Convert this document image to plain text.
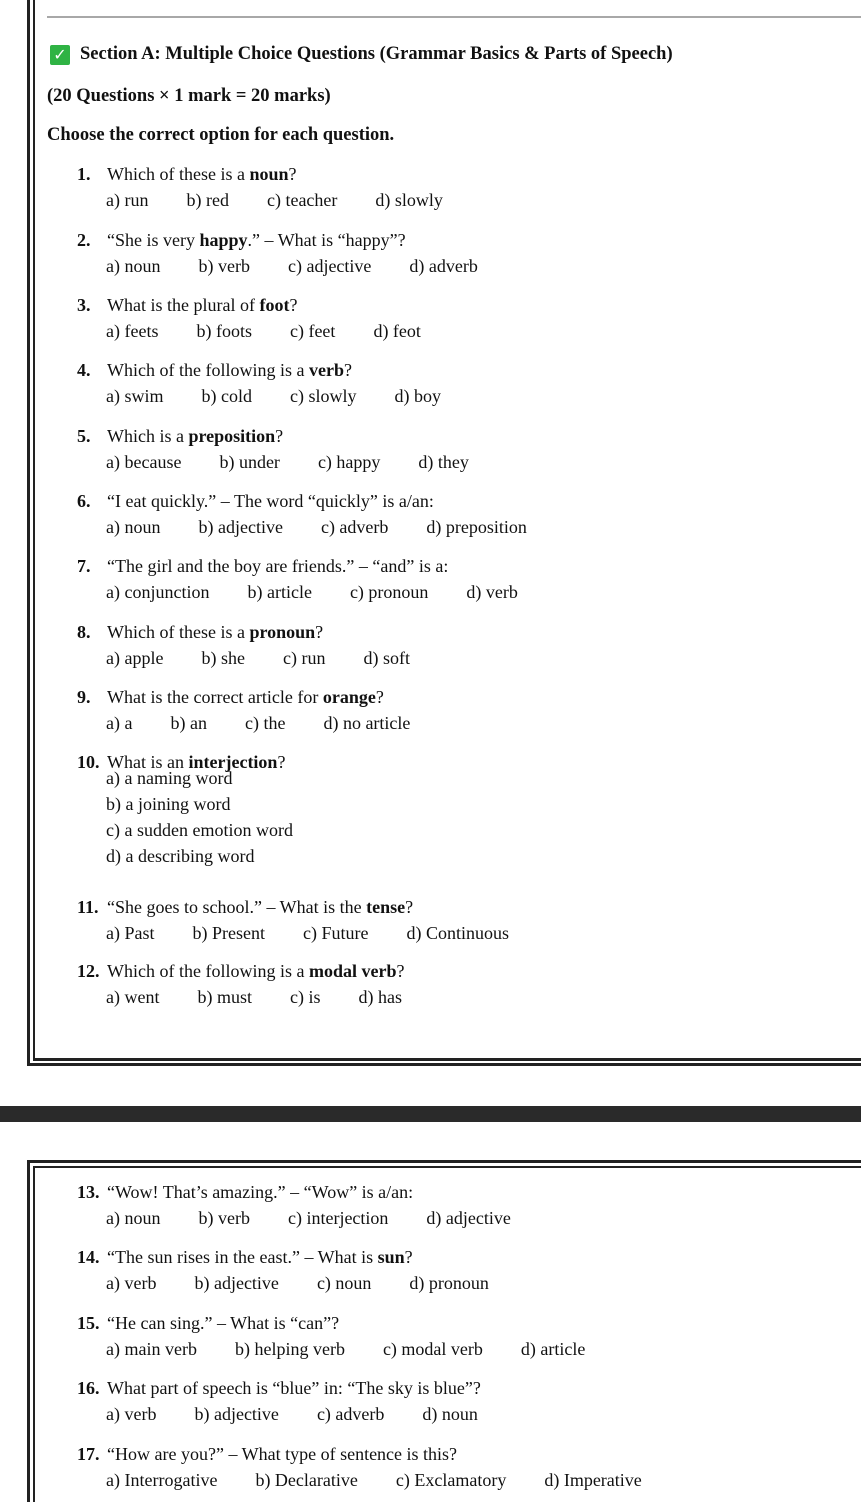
✓ Section A: Multiple Choice Questions (Grammar Basics & Parts of Speech)
(20 Questions × 1 mark = 20 marks)
Choose the correct option for each question.
1. Which of these is a noun?
a) run b) red c) teacher d) slowly
2. “She is very happy.” – What is “happy”?
a) noun b) verb c) adjective d) adverb
3. What is the plural of foot?
a) feets b) foots c) feet d) feot
4. Which of the following is a verb?
a) swim b) cold c) slowly d) boy
5. Which is a preposition?
a) because b) under c) happy d) they
6. “I eat quickly.” – The word “quickly” is a/an:
a) noun b) adjective c) adverb d) preposition
7. “The girl and the boy are friends.” – “and” is a:
a) conjunction b) article c) pronoun d) verb
8. Which of these is a pronoun?
a) apple b) she c) run d) soft
9. What is the correct article for orange?
a) a b) an c) the d) no article
10. What is an interjection?
a) a naming word
b) a joining word
c) a sudden emotion word
d) a describing word
11. “She goes to school.” – What is the tense?
a) Past b) Present c) Future d) Continuous
12. Which of the following is a modal verb?
a) went b) must c) is d) has
13. “Wow! That’s amazing.” – “Wow” is a/an:
a) noun b) verb c) interjection d) adjective
14. “The sun rises in the east.” – What is sun?
a) verb b) adjective c) noun d) pronoun
15. “He can sing.” – What is “can”?
a) main verb b) helping verb c) modal verb d) article
16. What part of speech is “blue” in: “The sky is blue”?
a) verb b) adjective c) adverb d) noun
17. “How are you?” – What type of sentence is this?
a) Interrogative b) Declarative c) Exclamatory d) Imperative
